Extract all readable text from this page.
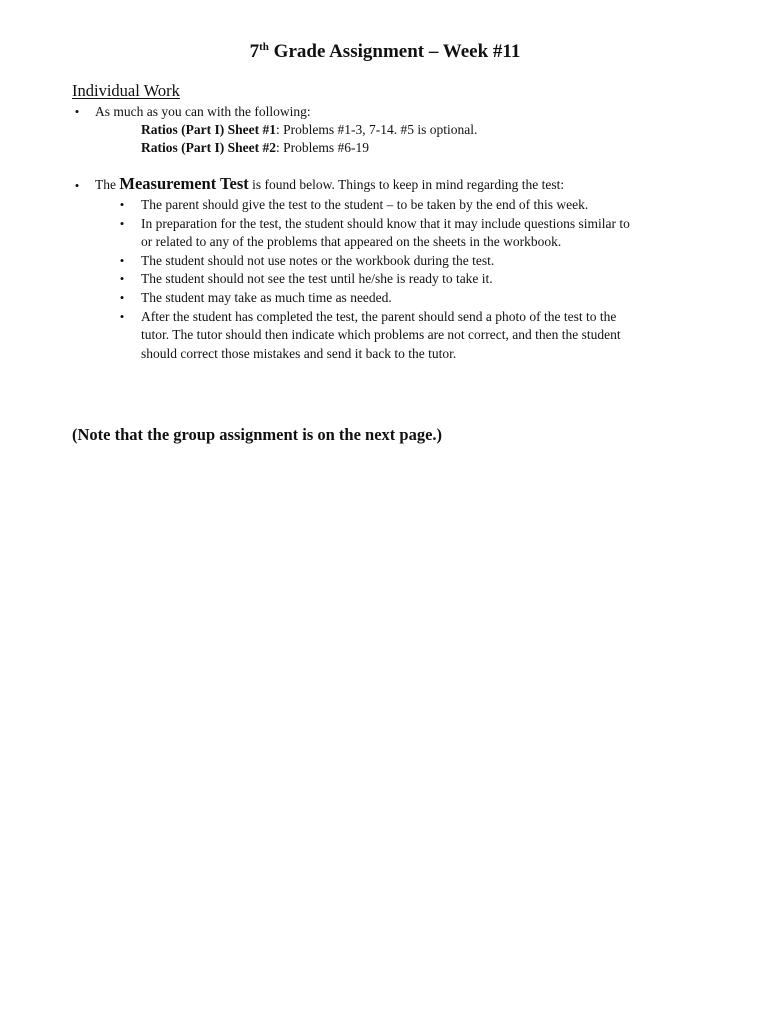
7th Grade Assignment – Week #11
Individual Work
• As much as you can with the following:
Ratios (Part I) Sheet #1: Problems #1-3, 7-14. #5 is optional.
Ratios (Part I) Sheet #2: Problems #6-19
• The Measurement Test is found below. Things to keep in mind regarding the test:
• The parent should give the test to the student – to be taken by the end of this week.
• In preparation for the test, the student should know that it may include questions similar to
or related to any of the problems that appeared on the sheets in the workbook.
• The student should not use notes or the workbook during the test.
• The student should not see the test until he/she is ready to take it.
• The student may take as much time as needed.
• After the student has completed the test, the parent should send a photo of the test to the
tutor. The tutor should then indicate which problems are not correct, and then the student
should correct those mistakes and send it back to the tutor.
(Note that the group assignment is on the next page.)
